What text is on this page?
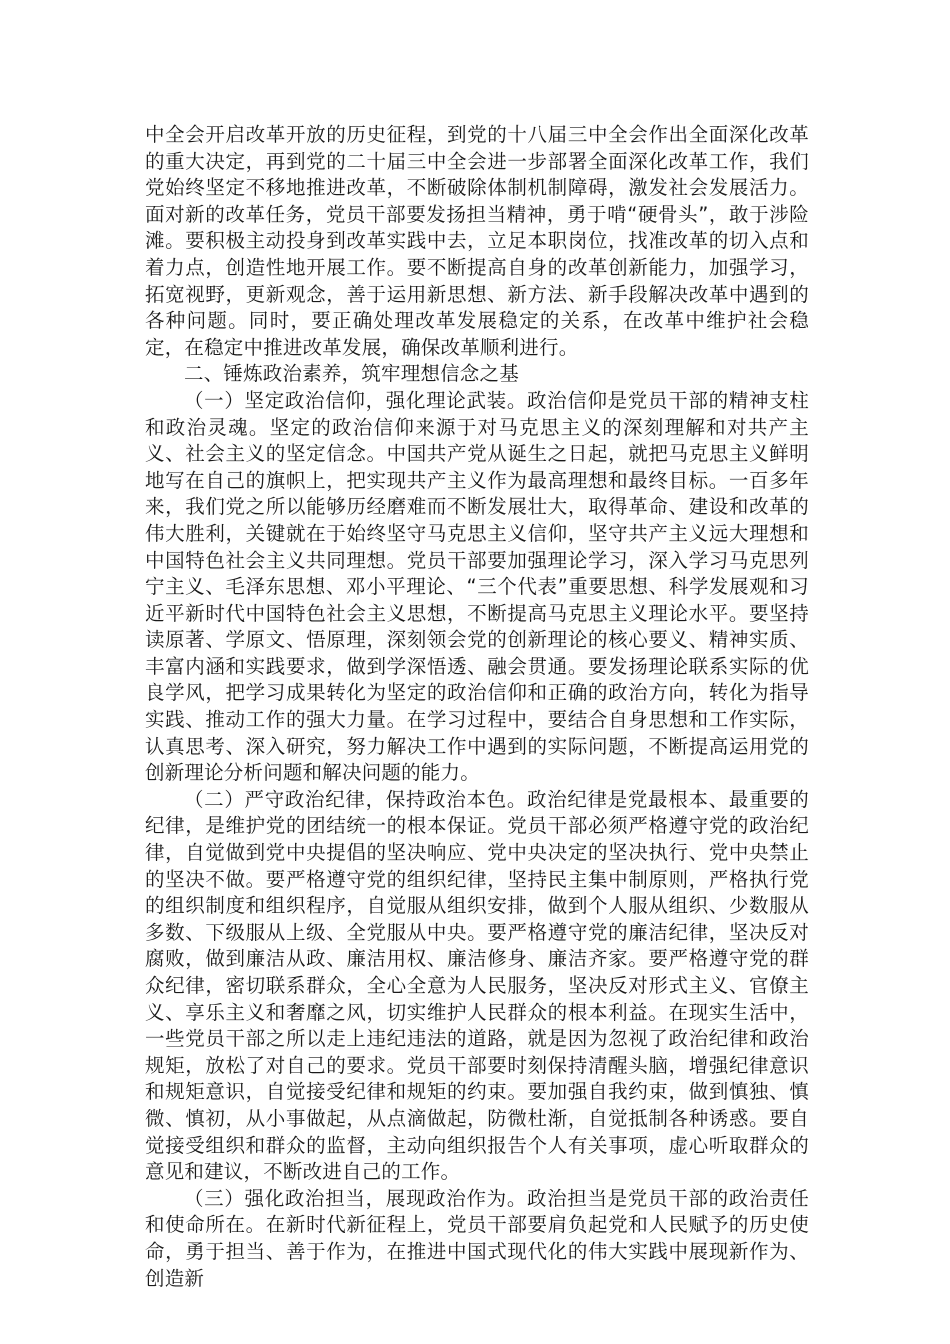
中全会开启改革开放的历史征程，到党的十八届三中全会作出全面深化改革的重大决定，再到党的二十届三中全会进一步部署全面深化改革工作，我们党始终坚定不移地推进改革，不断破除体制机制障碍，激发社会发展活力。面对新的改革任务，党员干部要发扬担当精神，勇于啃“硬骨头”，敢于涉险滩。要积极主动投身到改革实践中去，立足本职岗位，找准改革的切入点和着力点，创造性地开展工作。要不断提高自身的改革创新能力，加强学习，拓宽视野，更新观念，善于运用新思想、新方法、新手段解决改革中遇到的各种问题。同时，要正确处理改革发展稳定的关系，在改革中维护社会稳定，在稳定中推进改革发展，确保改革顺利进行。

二、锤炼政治素养，筑牢理想信念之基

（一）坚定政治信仰，强化理论武装。政治信仰是党员干部的精神支柱和政治灵魂。坚定的政治信仰来源于对马克思主义的深刻理解和对共产主义、社会主义的坚定信念。中国共产党从诞生之日起，就把马克思主义鲜明地写在自己的旗帜上，把实现共产主义作为最高理想和最终目标。一百多年来，我们党之所以能够历经磨难而不断发展壮大，取得革命、建设和改革的伟大胜利，关键就在于始终坚守马克思主义信仰，坚守共产主义远大理想和中国特色社会主义共同理想。党员干部要加强理论学习，深入学习马克思列宁主义、毛泽东思想、邓小平理论、“三个代表”重要思想、科学发展观和习近平新时代中国特色社会主义思想，不断提高马克思主义理论水平。要坚持读原著、学原文、悟原理，深刻领会党的创新理论的核心要义、精神实质、丰富内涵和实践要求，做到学深悟透、融会贯通。要发扬理论联系实际的优良学风，把学习成果转化为坚定的政治信仰和正确的政治方向，转化为指导实践、推动工作的强大力量。在学习过程中，要结合自身思想和工作实际，认真思考、深入研究，努力解决工作中遇到的实际问题，不断提高运用党的创新理论分析问题和解决问题的能力。

（二）严守政治纪律，保持政治本色。政治纪律是党最根本、最重要的纪律，是维护党的团结统一的根本保证。党员干部必须严格遵守党的政治纪律，自觉做到党中央提倡的坚决响应、党中央决定的坚决执行、党中央禁止的坚决不做。要严格遵守党的组织纪律，坚持民主集中制原则，严格执行党的组织制度和组织程序，自觉服从组织安排，做到个人服从组织、少数服从多数、下级服从上级、全党服从中央。要严格遵守党的廉洁纪律，坚决反对腐败，做到廉洁从政、廉洁用权、廉洁修身、廉洁齐家。要严格遵守党的群众纪律，密切联系群众，全心全意为人民服务，坚决反对形式主义、官僚主义、享乐主义和奢靡之风，切实维护人民群众的根本利益。在现实生活中，一些党员干部之所以走上违纪违法的道路，就是因为忽视了政治纪律和政治规矩，放松了对自己的要求。党员干部要时刻保持清醒头脑，增强纪律意识和规矩意识，自觉接受纪律和规矩的约束。要加强自我约束，做到慎独、慎微、慎初，从小事做起，从点滴做起，防微杜渐，自觉抵制各种诱惑。要自觉接受组织和群众的监督，主动向组织报告个人有关事项，虚心听取群众的意见和建议，不断改进自己的工作。

（三）强化政治担当，展现政治作为。政治担当是党员干部的政治责任和使命所在。在新时代新征程上，党员干部要肩负起党和人民赋予的历史使命，勇于担当、善于作为，在推进中国式现代化的伟大实践中展现新作为、创造新
